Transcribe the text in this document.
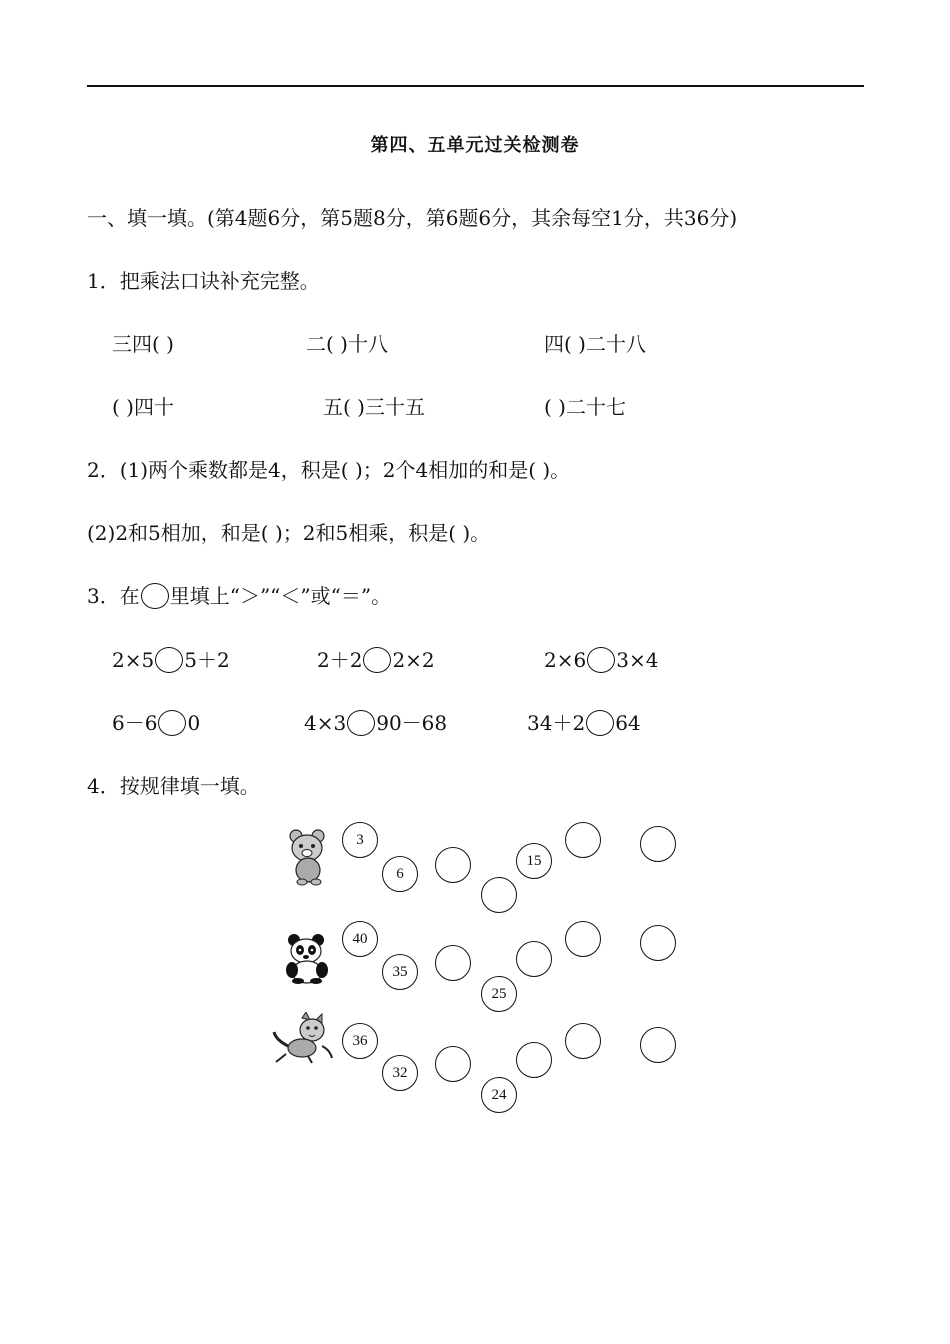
第四、五单元过关检测卷
一、填一填。(第4题6分，第5题8分，第6题6分，其余每空1分，共36分)
1．把乘法口诀补充完整。
三四( )	二( )十八	四( )二十八
( )四十	五( )三十五	( )二十七
2．(1)两个乘数都是4，积是( )；2个4相加的和是( )。
(2)2和5相加，和是( )；2和5相乘，积是( )。
3．在 里填上“＞”“＜”或“＝”。
2×5 5＋2	2＋2 2×2	2×6 3×4
6－6 0	4×3 90－68	34＋2 64
4．按规律填一填。
3
6
15
40
35
25
36
32
24
